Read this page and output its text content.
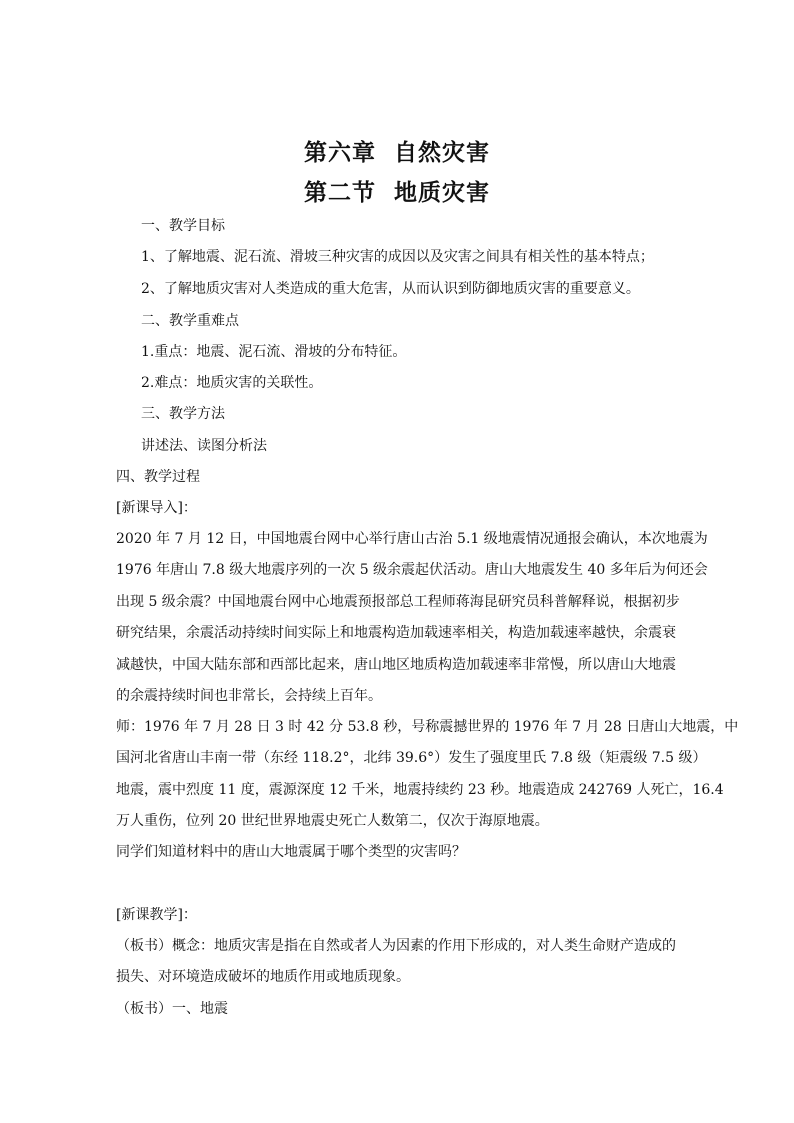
第六章  自然灾害
第二节  地质灾害
一、教学目标
1、了解地震、泥石流、滑坡三种灾害的成因以及灾害之间具有相关性的基本特点；
2、了解地质灾害对人类造成的重大危害，从而认识到防御地质灾害的重要意义。
二、教学重难点
1.重点：地震、泥石流、滑坡的分布特征。
2.难点：地质灾害的关联性。
三、教学方法
讲述法、读图分析法
四、教学过程
[新课导入]：
2020 年 7 月 12 日，中国地震台网中心举行唐山古治 5.1 级地震情况通报会确认，本次地震为
1976 年唐山 7.8 级大地震序列的一次 5 级余震起伏活动。唐山大地震发生 40 多年后为何还会
出现 5 级余震？中国地震台网中心地震预报部总工程师蒋海昆研究员科普解释说，根据初步
研究结果，余震活动持续时间实际上和地震构造加载速率相关，构造加载速率越快，余震衰
减越快，中国大陆东部和西部比起来，唐山地区地质构造加载速率非常慢，所以唐山大地震
的余震持续时间也非常长，会持续上百年。
师：1976 年 7 月 28 日 3 时 42 分 53.8 秒，号称震撼世界的 1976 年 7 月 28 日唐山大地震，中
国河北省唐山丰南一带（东经 118.2°，北纬 39.6°）发生了强度里氏 7.8 级（矩震级 7.5 级）
地震，震中烈度 11 度，震源深度 12 千米，地震持续约 23 秒。地震造成 242769 人死亡，16.4
万人重伤，位列 20 世纪世界地震史死亡人数第二，仅次于海原地震。
同学们知道材料中的唐山大地震属于哪个类型的灾害吗？
[新课教学]：
（板书）概念：地质灾害是指在自然或者人为因素的作用下形成的，对人类生命财产造成的
损失、对环境造成破坏的地质作用或地质现象。
（板书）一、地震
